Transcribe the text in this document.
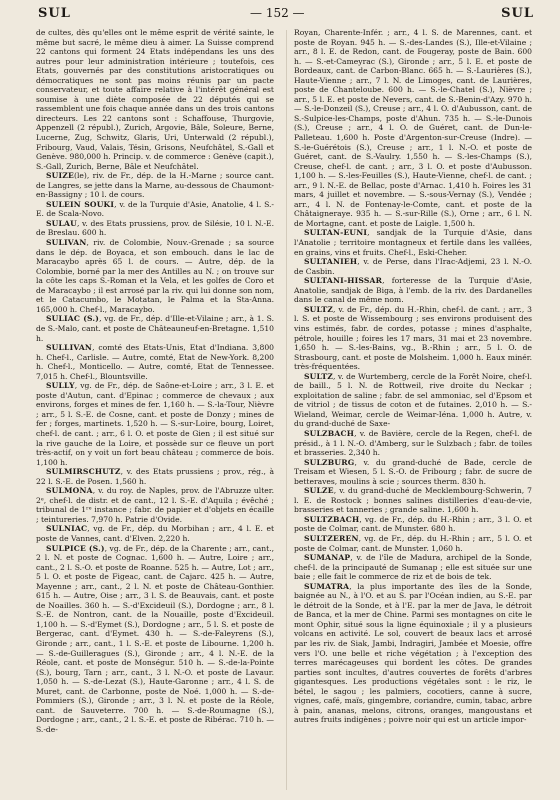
SUL	— 152 —	SUL

de cultes, dès qu'elles ont le même esprit de vérité sainte, le même but sacré, le même dieu à aimer. La Suisse comprend 22 cantons qui forment 24 Etats indépendans les uns des autres pour leur administration intérieure ; toutefois, ces Etats, gouvernés par des constitutions aristocratiques ou démocratiques ne sont pas moins réunis par un pacte conservateur, et toute affaire relative à l'intérêt général est soumise à une diète composée de 22 députés qui se rassemblent une fois chaque année dans un des trois cantons directeurs. Les 22 cantons sont : Schaffouse, Thurgovie, Appenzell (2 républ.), Zurich, Argovie, Bâle, Soleure, Berne, Lucerne, Zug, Schwitz, Glaris, Uri, Unterwald (2 républ.), Fribourg, Vaud, Valais, Tésin, Grisons, Neufchâtel, S.-Gall et Genève. 980,000 h. Princip. v. de commerce : Genève (capit.), S.-Gall, Zurich, Berne, Bâle et Neufchâtel.

SUIZE(le), riv. de Fr., dép. de la H.-Marne ; source cant. de Langres, se jette dans la Marne, au-dessous de Chaumont-en-Bassigny ; 10 l. de cours.

SULEIN SOUKI, v. de la Turquie d'Asie, Anatolie, 4 l. S.-E. de Scala-Novo.

SULAU, v. des Etats prussiens, prov. de Silésie, 10 l. N.-E. de Breslau. 600 h.

SULIVAN, riv. de Colombie, Nouv.-Grenade ; sa source dans le dép. de Boyaca, et son embouch. dans le lac de Maracaybo après 65 l. de cours. — Autre, dép. de la Colombie, borné par la mer des Antilles au N. ; on trouve sur la côte les caps S.-Roman et la Vela, et les golfes de Coro et de Maracaybo ; il est arrosé par la riv. qui lui donne son nom, et le Catacumbo, le Motatan, le Palma et la Sta-Anna. 165,000 h. Chef-l., Maracaybo.

SULIAC (S.), vg. de Fr., dép. d'Ille-et-Vilaine ; arr., à 1. S. de S.-Malo, cant. et poste de Châteauneuf-en-Bretagne. 1,510 h.

SULLIVAN, comté des Etats-Unis, Etat d'Indiana. 3,800 h. Chef-l., Carlisle. — Autre, comté, Etat de New-York. 8,200 h. Chef-l., Monticello. — Autre, comté, Etat de Tennessee. 7,015 h. Chef-l., Blountsville.

SULLY, vg. de Fr., dép. de Saône-et-Loire ; arr., 3 l. E. et poste d'Autun, cant. d'Epinac ; commerce de chevaux ; aux environs, forges et mines de fer. 1,160 h. — S.-la-Tour, Nièvre ; arr., 5 l. S.-E. de Cosne, cant. et poste de Donzy ; mines de fer ; forges, martinets. 1,520 h. — S.-sur-Loire, bourg, Loiret, chef-l. de cant. ; arr., 6 l. O. et poste de Gien ; il est situé sur la rive gauche de la Loire, et possède sur ce fleuve un port très-actif, on y voit un fort beau château ; commerce de bois. 1,100 h.

SULMIRSCHUTZ, v. des Etats prussiens ; prov., rég., à 22 l. S.-E. de Posen. 1,560 h.

SULMONA, v. du roy. de Naples, prov. de l'Abruzze ulter. 2ᵉ, chef-l. de distr. et de cant., 12 l. S.-E. d'Aquila ; évêché ; tribunal de 1ʳᵉ instance ; fabr. de papier et d'objets en écaille ; teintureries. 7,970 h. Patrie d'Ovide.

SULNIAC, vg. de Fr., dép. du Morbihan ; arr., 4 l. E. et poste de Vannes, cant. d'Elven. 2,220 h.

SULPICE (S.), vg. de Fr., dép. de la Charente ; arr., cant., 2 l. N. et poste de Cognac. 1,600 h. — Autre, Loire ; arr., cant., 2 l. S.-O. et poste de Roanne. 525 h. — Autre, Lot ; arr., 5 l. O. et poste de Figeac, cant. de Cajarc. 425 h. — Autre, Mayenne ; arr., cant., 2 l. N. et poste de Château-Gonthier. 615 h. — Autre, Oise ; arr., 3 l. S. de Beauvais, cant. et poste de Noailles. 360 h. — S.-d'Excideuil (S.), Dordogne ; arr., 8 l. S.-E. de Nontron, cant. de la Nouaille, poste d'Excideuil. 1,100 h. — S.-d'Eymet (S.), Dordogne ; arr., 5 l. S. et poste de Bergerac, cant. d'Eymet. 430 h. — S.-de-Faleyrens (S.), Gironde ; arr., cant., 1 l. S.-E. et poste de Libourne. 1,200 h. — S.-de-Guilleragues (S.), Gironde ; arr., 4 l. N.-E. de la Réole, cant. et poste de Monségur. 510 h. — S.-de-la-Pointe (S.), bourg, Tarn ; arr., cant., 3 l. N.-O. et poste de Lavaur. 1,050 h. — S.-de-Lezat (S.), Haute-Garonne ; arr., 4 l. S. de Muret, cant. de Carbonne, poste de Noé. 1,000 h. — S.-de-Pommiers (S.), Gironde ; arr., 3 l. N. et poste de la Réole, cant. de Sauveterre. 700 h. — S.-de-Roumagne (S.), Dordogne ; arr., cant., 2 l. S.-E. et poste de Ribérac. 710 h. — S.-de-

Royan, Charente-Infér. ; arr., 4 l. S. de Marennes, cant. et poste de Royan. 945 h. — S.-des-Landes (S.), Ille-et-Vilaine ; arr., 8 l. E. de Redon, cant. de Fougeray, poste de Bain. 600 h. — S.-et-Cameyrac (S.), Gironde ; arr., 5 l. E. et poste de Bordeaux, cant. de Carbon-Blanc. 665 h. — S.-Laurières (S.), Haute-Vienne ; arr., 7 l. N. de Limoges, cant. de Laurières, poste de Chanteloube. 600 h. — S.-le-Chatel (S.), Nièvre ; arr., 5 l. E. et poste de Nevers, cant. de S.-Benin-d'Azy. 970 h. — S.-le-Donzeil (S.), Creuse ; arr., 4 l. O. d'Aubusson, cant. de S.-Sulpice-les-Champs, poste d'Ahun. 735 h. — S.-le-Dunois (S.), Creuse ; arr., 4 l. O. de Guéret, cant. de Dun-le-Palleteau. 1,600 h. Poste d'Argenton-sur-Creuse (Indre). — S.-le-Guérétois (S.), Creuse ; arr., 1 l. N.-O. et poste de Guéret, cant. de S.-Vaulry. 1,550 h. — S.-les-Champs (S.), Creuse, chef-l. de cant. ; arr., 3 l. O. et poste d'Aubusson. 1,100 h. — S.-les-Feuilles (S.), Haute-Vienne, chef-l. de cant. ; arr., 9 l. N.-E. de Bellac, poste d'Arnac. 1,410 h. Foires les 31 mars, 4 juillet et novembre. — S.-sous-Vernay (S.), Vendée ; arr., 4 l. N. de Fontenay-le-Comte, cant. et poste de la Châtaigneraye. 935 h. — S.-sur-Rille (S.), Orne ; arr., 6 l. N. de Mortagne, cant. et poste de Laigle. 1,500 h.

SULTAN-EUNI, sandjak de la Turquie d'Asie, dans l'Anatolie ; territoire montagneux et fertile dans les vallées, en grains, vins et fruits. Chef-l., Eski-Cheher.

SULTANIEH, v. de Perse, dans l'Irac-Adjemi, 23 l. N.-O. de Casbin.

SULTANI-HISSAR, forteresse de la Turquie d'Asie, Anatolie, sandjak de Biga, à l'emb. de la riv. des Dardanelles dans le canal de même nom.

SULTZ, v. de Fr., dép. du H.-Rhin, chef-l. de cant. ; arr., 3 l. S. et poste de Wissembourg ; ses environs produisent des vins estimés, fabr. de cordes, potasse ; mines d'asphalte, pétrole, houille ; foires les 17 mars, 31 mai et 23 novembre. 1,650 h. — S.-les-Bains, vg., B.-Rhin ; arr., 5 l. O. de Strasbourg, cant. et poste de Molsheim. 1,000 h. Eaux minér. très-fréquentées.

SULTZ, v. de Wurtemberg, cercle de la Forêt Noire, chef-l. de baill., 5 l. N. de Rottweil, rive droite du Neckar ; exploitation de saline ; fabr. de sel ammoniac, sel d'Epsom et de vitriol ; de tissus de coton et de futaines. 2,010 h. — S.-Wieland, Weimar, cercle de Weimar-Iéna. 1,000 h. Autre, v. du grand-duché de Saxe-

SULZBACH, v. de Bavière, cercle de la Regen, chef-l. de présid., à 1 l. N.-O. d'Amberg, sur le Sulzbach ; fabr. de toiles et brasseries. 2,340 h.

SULZBURG, v. du grand-duché de Bade, cercle de Treisam et Wiesen, 5 l. S.-O. de Fribourg ; fabr. de sucre de betteraves, moulins à scie ; sources therm. 830 h.

SULZE, v. du grand-duché de Mecklembourg-Schwerin, 7 l. E. de Rostock ; bonnes salines distilleries d'eau-de-vie, brasseries et tanneries ; grande saline. 1,600 h.

SULTZBACH, vg. de Fr., dép. du H.-Rhin ; arr., 3 l. O. et poste de Colmar, cant. de Munster. 680 h.

SULTZEREN, vg. de Fr., dép. du H.-Rhin ; arr., 5 l. O. et poste de Colmar, cant. de Munster. 1,060 h.

SUMANAP, v. de l'île de Madura, archipel de la Sonde, chef-l. de la principauté de Sumanap ; elle est située sur une baie ; elle fait le commerce de riz et de bois de tek.

SUMATRA, la plus importante des îles de la Sonde, baignée au N., à l'O. et au S. par l'Océan indien, au S.-E. par le détroit de la Sonde, et à l'E. par la mer de Java, le détroit de Banca, et la mer de Chine. Parmi ses montagnes on cite le mont Ophir, situé sous la ligne équinoxiale ; il y a plusieurs volcans en activité. Le sol, couvert de beaux lacs et arrosé par les riv. de Siak, Jambi, Indragiri, Jambée et Moesie, offre vers l'O. une belle et riche végétation ; à l'exception des terres marécageuses qui bordent les côtes. De grandes parties sont incultes, d'autres couvertes de forêts d'arbres gigantesques. Les productions végétales sont : le riz, le bétel, le sagou ; les palmiers, cocotiers, canne à sucre, vignes, café, maïs, gingembre, coriandre, cumin, tabac, arbre à pain, ananas, melons, citrons, oranges, mangoustans et autres fruits indigènes ; poivre noir qui est un article impor-
